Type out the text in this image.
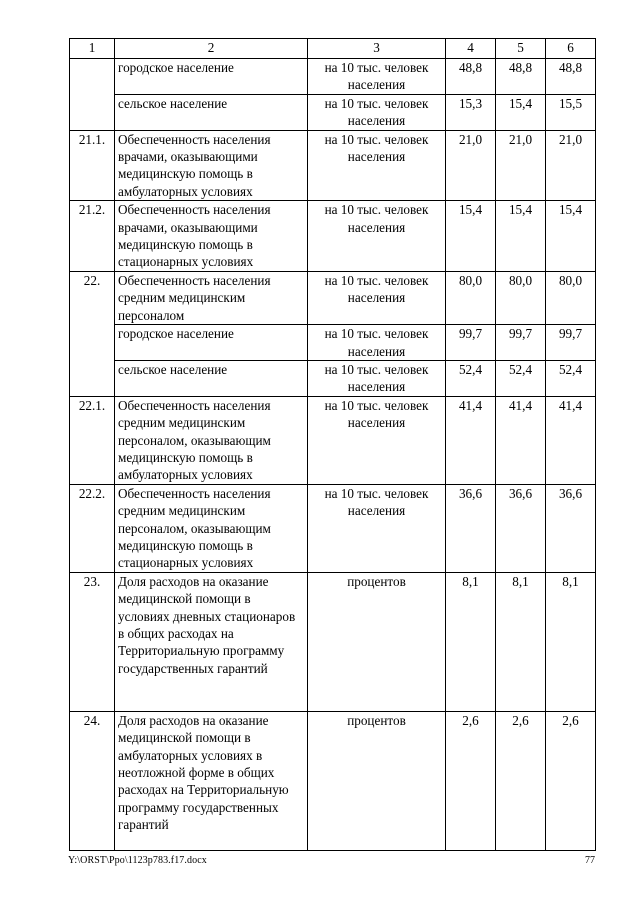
1	2	3	4	5	6
	городское население	на 10 тыс. человек населения	48,8	48,8	48,8
	сельское население	на 10 тыс. человек населения	15,3	15,4	15,5
21.1.	Обеспеченность населения врачами, оказывающими медицинскую помощь в амбулаторных условиях	на 10 тыс. человек населения	21,0	21,0	21,0
21.2.	Обеспеченность населения врачами, оказывающими медицинскую помощь в стационарных условиях	на 10 тыс. человек населения	15,4	15,4	15,4
22.	Обеспеченность населения средним медицинским персоналом	на 10 тыс. человек населения	80,0	80,0	80,0
	городское население	на 10 тыс. человек населения	99,7	99,7	99,7
	сельское население	на 10 тыс. человек населения	52,4	52,4	52,4
22.1.	Обеспеченность населения средним медицинским персоналом, оказывающим медицинскую помощь в амбулаторных условиях	на 10 тыс. человек населения	41,4	41,4	41,4
22.2.	Обеспеченность населения средним медицинским персоналом, оказывающим медицинскую помощь в стационарных условиях	на 10 тыс. человек населения	36,6	36,6	36,6
23.	Доля расходов на оказание медицинской помощи в условиях дневных стационаров в общих расходах на Территориальную программу государственных гарантий	процентов	8,1	8,1	8,1
24.	Доля расходов на оказание медицинской помощи в амбулаторных условиях в неотложной форме в общих расходах на Территориальную программу государственных гарантий	процентов	2,6	2,6	2,6
Y:\ORST\Ppo\1123p783.f17.docx	77
